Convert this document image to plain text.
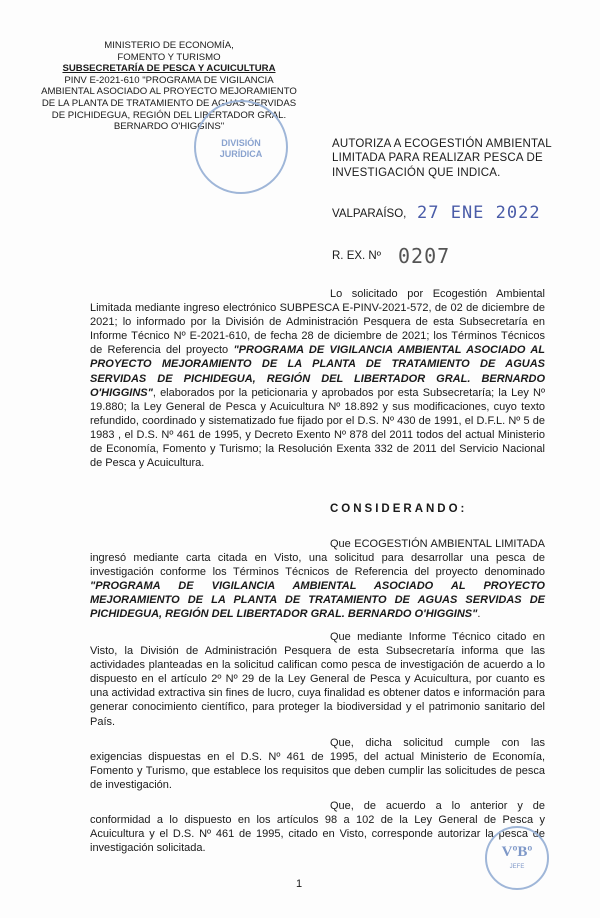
MINISTERIO DE ECONOMÍA,
FOMENTO Y TURISMO
SUBSECRETARÍA DE PESCA Y ACUICULTURA
PINV E-2021-610 "PROGRAMA DE VIGILANCIA
AMBIENTAL ASOCIADO AL PROYECTO MEJORAMIENTO
DE LA PLANTA DE TRATAMIENTO DE AGUAS SERVIDAS
DE PICHIDEGUA, REGIÓN DEL LIBERTADOR GRAL.
BERNARDO O'HIGGINS"
DIVISIÓN
JURÍDICA
AUTORIZA A ECOGESTIÓN AMBIENTAL
LIMITADA PARA REALIZAR PESCA DE
INVESTIGACIÓN QUE INDICA.
VALPARAÍSO, 27 ENE 2022
R. EX. Nº 0207

Lo solicitado por Ecogestión Ambiental Limitada mediante ingreso electrónico SUBPESCA E-PINV-2021-572, de 02 de diciembre de 2021; lo informado por la División de Administración Pesquera de esta Subsecretaría en Informe Técnico Nº E-2021-610, de fecha 28 de diciembre de 2021; los Términos Técnicos de Referencia del proyecto "PROGRAMA DE VIGILANCIA AMBIENTAL ASOCIADO AL PROYECTO MEJORAMIENTO DE LA PLANTA DE TRATAMIENTO DE AGUAS SERVIDAS DE PICHIDEGUA, REGIÓN DEL LIBERTADOR GRAL. BERNARDO O'HIGGINS", elaborados por la peticionaria y aprobados por esta Subsecretaría; la Ley Nº 19.880; la Ley General de Pesca y Acuicultura Nº 18.892 y sus modificaciones, cuyo texto refundido, coordinado y sistematizado fue fijado por el D.S. Nº 430 de 1991, el D.F.L. Nº 5 de 1983 , el D.S. Nº 461 de 1995, y Decreto Exento Nº 878 del 2011 todos del actual Ministerio de Economía, Fomento y Turismo; la Resolución Exenta 332 de 2011 del Servicio Nacional de Pesca y Acuicultura.

CONSIDERANDO:

Que ECOGESTIÓN AMBIENTAL LIMITADA ingresó mediante carta citada en Visto, una solicitud para desarrollar una pesca de investigación conforme los Términos Técnicos de Referencia del proyecto denominado "PROGRAMA DE VIGILANCIA AMBIENTAL ASOCIADO AL PROYECTO MEJORAMIENTO DE LA PLANTA DE TRATAMIENTO DE AGUAS SERVIDAS DE PICHIDEGUA, REGIÓN DEL LIBERTADOR GRAL. BERNARDO O'HIGGINS".

Que mediante Informe Técnico citado en Visto, la División de Administración Pesquera de esta Subsecretaría informa que las actividades planteadas en la solicitud califican como pesca de investigación de acuerdo a lo dispuesto en el artículo 2º Nº 29 de la Ley General de Pesca y Acuicultura, por cuanto es una actividad extractiva sin fines de lucro, cuya finalidad es obtener datos e información para generar conocimiento científico, para proteger la biodiversidad y el patrimonio sanitario del País.

Que, dicha solicitud cumple con las exigencias dispuestas en el D.S. Nº 461 de 1995, del actual Ministerio de Economía, Fomento y Turismo, que establece los requisitos que deben cumplir las solicitudes de pesca de investigación.

Que, de acuerdo a lo anterior y de conformidad a lo dispuesto en los artículos 98 a 102 de la Ley General de Pesca y Acuicultura y el D.S. Nº 461 de 1995, citado en Visto, corresponde autorizar la pesca de investigación solicitada.	VºBº
JEFE
1
